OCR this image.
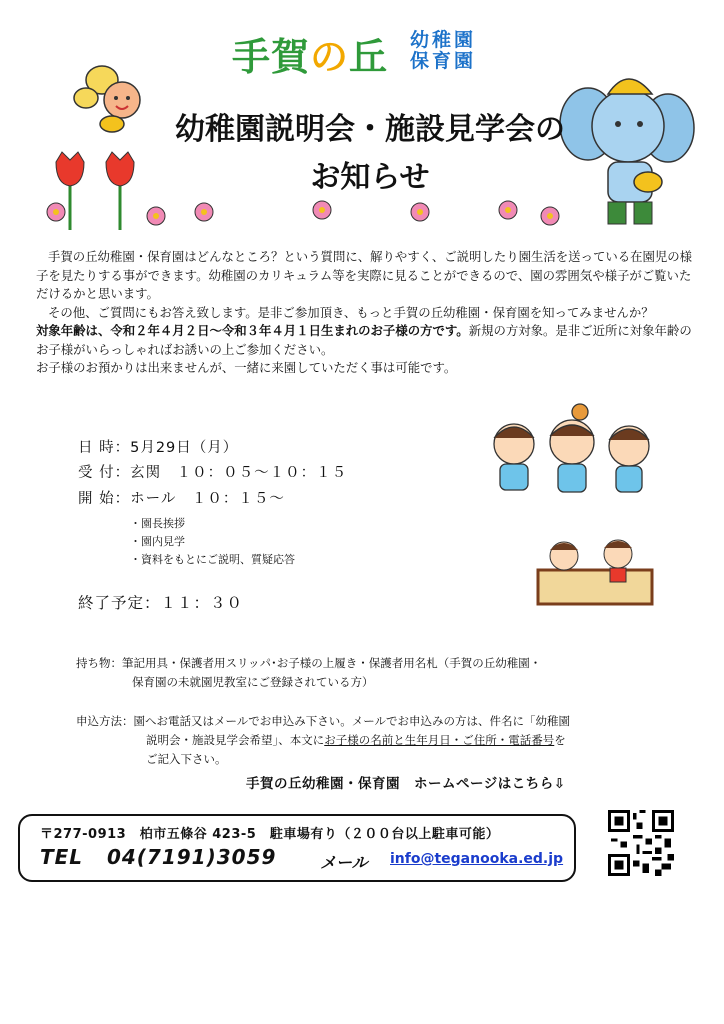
手賀の丘 幼稚園
保育園
幼稚園説明会・施設見学会の
お知らせ

手賀の丘幼稚園・保育園はどんなところ？という質問に、解りやすく、ご説明したり園生活を送っている在園児の様子を見たりする事ができます。幼稚園のカリキュラム等を実際に見ることができるので、園の雰囲気や様子がご覧いただけるかと思います。

その他、ご質問にもお答え致します。是非ご参加頂き、もっと手賀の丘幼稚園・保育園を知ってみませんか？

対象年齢は、令和２年４月２日～令和３年４月１日生まれのお子様の方です。新規の方対象。是非ご近所に対象年齢のお子様がいらっしゃればお誘いの上ご参加ください。

お子様のお預かりは出来ませんが、一緒に来園していただく事は可能です。

日 時：5月29日（月）
受 付：玄関　１０：０５～１０：１５
開 始：ホール　１０：１５～
・園長挨拶
・園内見学
・資料をもとにご説明、質疑応答
終了予定：１１：３０

持ち物：筆記用具・保護者用スリッパ･お子様の上履き・保護者用名札（手賀の丘幼稚園・

保育園の未就園児教室にご登録されている方）

申込方法：園へお電話又はメールでお申込み下さい。メールでお申込みの方は、件名に「幼稚園

説明会・施設見学会希望」、本文にお子様の名前と生年月日・ご住所・電話番号を

ご記入下さい。

手賀の丘幼稚園・保育園　ホームページはこちら⇩
〒277-0913　柏市五條谷 423-5　駐車場有り（２００台以上駐車可能）
TEL 04(7191)3059	メール info@teganooka.ed.jp
